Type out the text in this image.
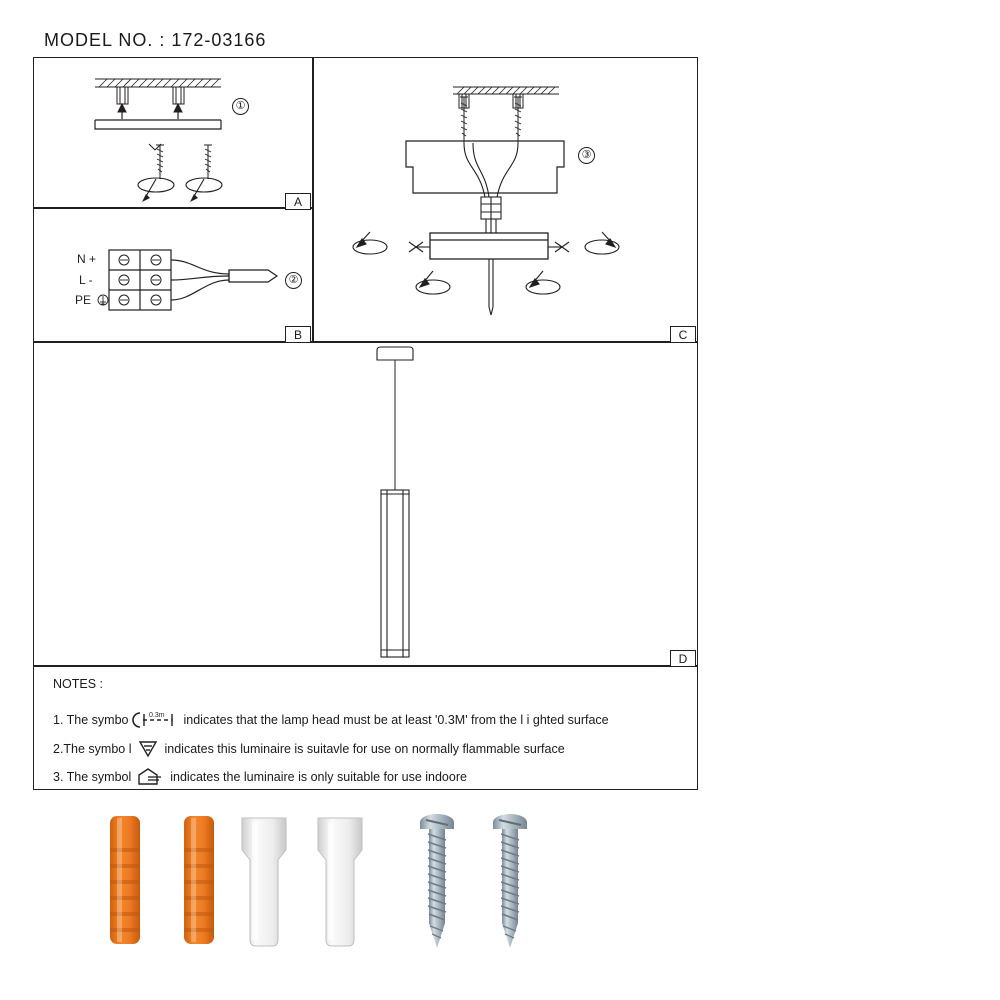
MODEL NO. : 172-03166
①
A
N +
L -
PE
②
B
③
C
D
NOTES :
1. The symbo	0.3m indicates that the lamp head must be at least '0.3M' from the l i ghted surface
2.The symbo l	indicates this luminaire is suitavle for use on normally flammable surface
3. The symbol	indicates the luminaire is only suitable for use indoore
